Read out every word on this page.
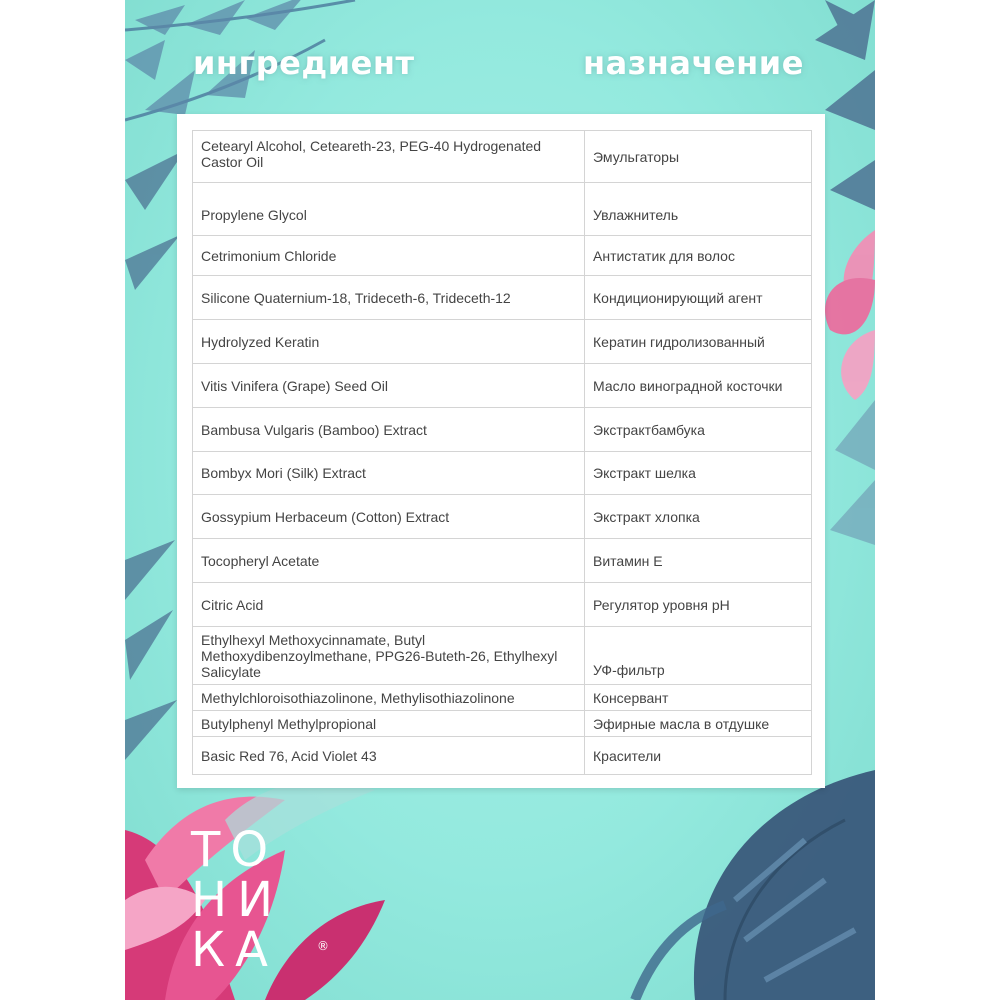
ингредиент	назначение
Cetearyl Alcohol, Ceteareth-23, PEG-40 Hydrogenated Castor Oil	Эмульгаторы
Propylene Glycol	Увлажнитель
Cetrimonium Chloride	Антистатик для волос
Silicone Quaternium-18, Trideceth-6, Trideceth-12	Кондиционирующий агент
Hydrolyzed Keratin	Кератин гидролизованный
Vitis Vinifera (Grape) Seed Oil	Масло виноградной косточки
Bambusa Vulgaris (Bamboo) Extract	Экстрактбамбука
Bombyx Mori (Silk) Extract	Экстракт шелка
Gossypium Herbaceum (Cotton) Extract	Экстракт хлопка
Tocopheryl Acetate	Витамин Е
Citric Acid	Регулятор уровня pH
Ethylhexyl Methoxycinnamate, Butyl Methoxydibenzoylmethane, PPG26-Buteth-26, Ethylhexyl Salicylate	УФ-фильтр
Methylchloroisothiazolinone, Methylisothiazolinone	Консервант
Butylphenyl Methylpropional	Эфирные масла в отдушке
Basic Red 76, Acid Violet 43	Красители
ТО
НИ
КА	®
